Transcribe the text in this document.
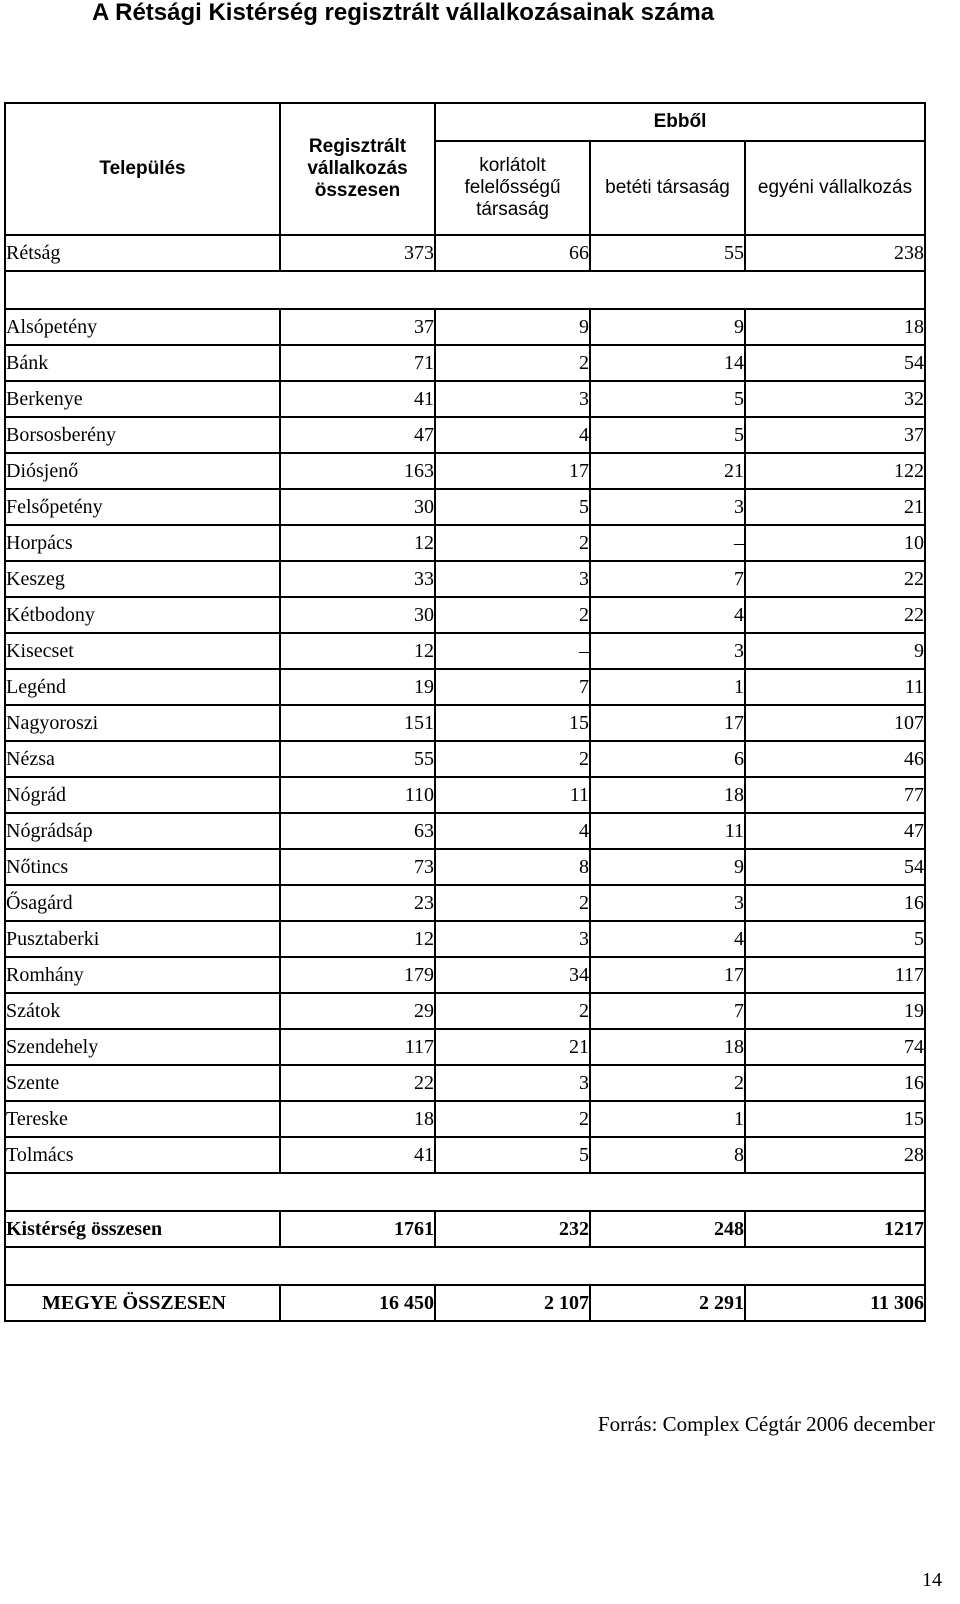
A Rétsági Kistérség regisztrált vállalkozásainak száma
Település	Regisztrált vállalkozás összesen	Ebből		
		korlátolt felelősségű társaság	betéti társaság	egyéni vállalkozás
Rétság	373	66	55	238

Alsópetény	37	9	9	18
Bánk	71	2	14	54
Berkenye	41	3	5	32
Borsosberény	47	4	5	37
Diósjenő	163	17	21	122
Felsőpetény	30	5	3	21
Horpács	12	2	–	10
Keszeg	33	3	7	22
Kétbodony	30	2	4	22
Kisecset	12	–	3	9
Legénd	19	7	1	11
Nagyoroszi	151	15	17	107
Nézsa	55	2	6	46
Nógrád	110	11	18	77
Nógrádsáp	63	4	11	47
Nőtincs	73	8	9	54
Ősagárd	23	2	3	16
Pusztaberki	12	3	4	5
Romhány	179	34	17	117
Szátok	29	2	7	19
Szendehely	117	21	18	74
Szente	22	3	2	16
Tereske	18	2	1	15
Tolmács	41	5	8	28

Kistérség összesen	1761	232	248	1217

MEGYE ÖSSZESEN	16 450	2 107	2 291	11 306
Forrás: Complex Cégtár 2006 december
14
